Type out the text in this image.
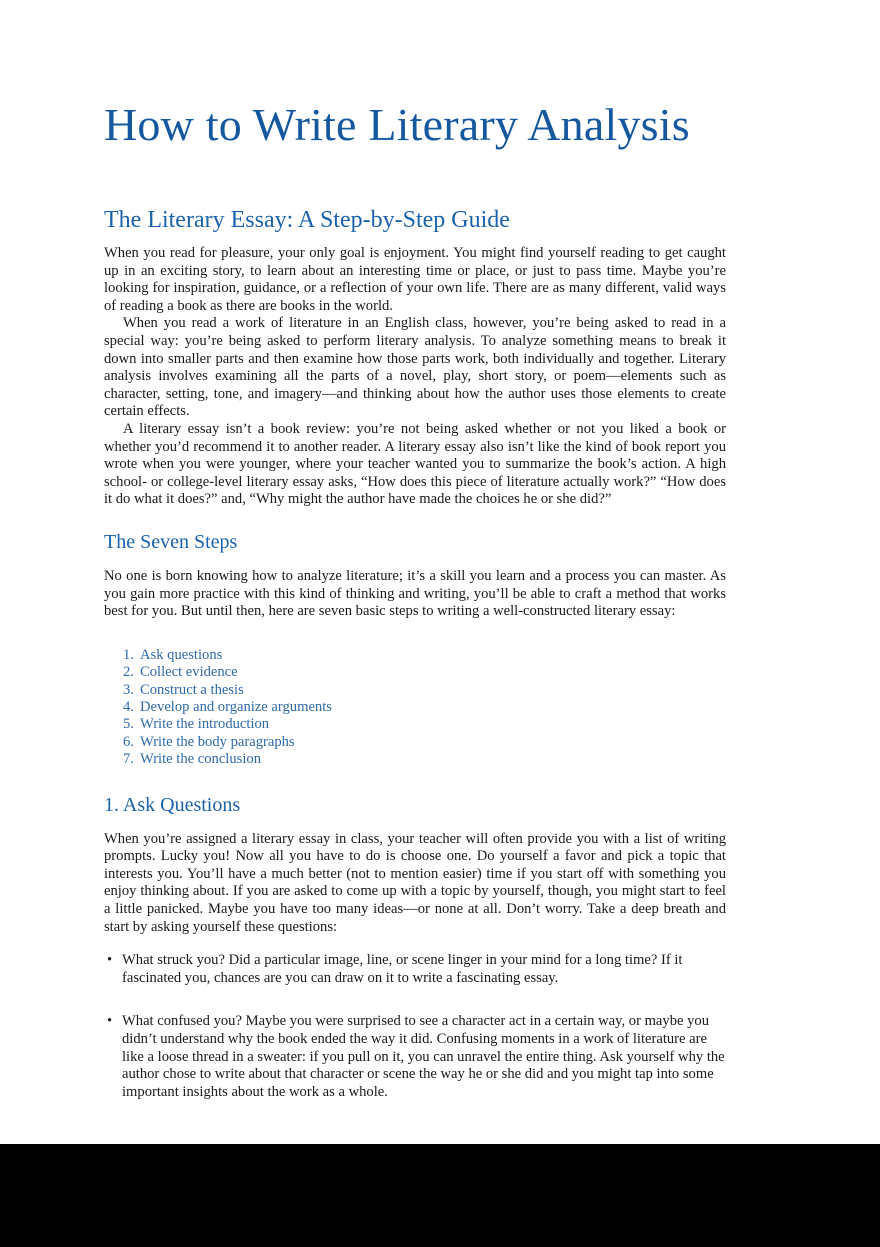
How to Write Literary Analysis
The Literary Essay: A Step-by-Step Guide

When you read for pleasure, your only goal is enjoyment. You might find yourself reading to get caught up in an exciting story, to learn about an interesting time or place, or just to pass time. Maybe you’re looking for inspiration, guidance, or a reflection of your own life. There are as many different, valid ways of reading a book as there are books in the world.

When you read a work of literature in an English class, however, you’re being asked to read in a special way: you’re being asked to perform literary analysis. To analyze something means to break it down into smaller parts and then examine how those parts work, both individually and together. Literary analysis involves examining all the parts of a novel, play, short story, or poem—elements such as character, setting, tone, and imagery—and thinking about how the author uses those elements to create certain effects.

A literary essay isn’t a book review: you’re not being asked whether or not you liked a book or whether you’d recommend it to another reader. A literary essay also isn’t like the kind of book report you wrote when you were younger, where your teacher wanted you to summarize the book’s action. A high school- or college-level literary essay asks, “How does this piece of literature actually work?” “How does it do what it does?” and, “Why might the author have made the choices he or she did?”

The Seven Steps

No one is born knowing how to analyze literature; it’s a skill you learn and a process you can master. As you gain more practice with this kind of thinking and writing, you’ll be able to craft a method that works best for you. But until then, here are seven basic steps to writing a well-constructed literary essay:

1. Ask questions
2. Collect evidence
3. Construct a thesis
4. Develop and organize arguments
5. Write the introduction
6. Write the body paragraphs
7. Write the conclusion
1. Ask Questions

When you’re assigned a literary essay in class, your teacher will often provide you with a list of writing prompts. Lucky you! Now all you have to do is choose one. Do yourself a favor and pick a topic that interests you. You’ll have a much better (not to mention easier) time if you start off with something you enjoy thinking about. If you are asked to come up with a topic by yourself, though, you might start to feel a little panicked. Maybe you have too many ideas—or none at all. Don’t worry. Take a deep breath and start by asking yourself these questions:

• What struck you? Did a particular image, line, or scene linger in your mind for a long time? If it fascinated you, chances are you can draw on it to write a fascinating essay.
• What confused you? Maybe you were surprised to see a character act in a certain way, or maybe you didn’t understand why the book ended the way it did. Confusing moments in a work of literature are like a loose thread in a sweater: if you pull on it, you can unravel the entire thing. Ask yourself why the author chose to write about that character or scene the way he or she did and you might tap into some important insights about the work as a whole.
